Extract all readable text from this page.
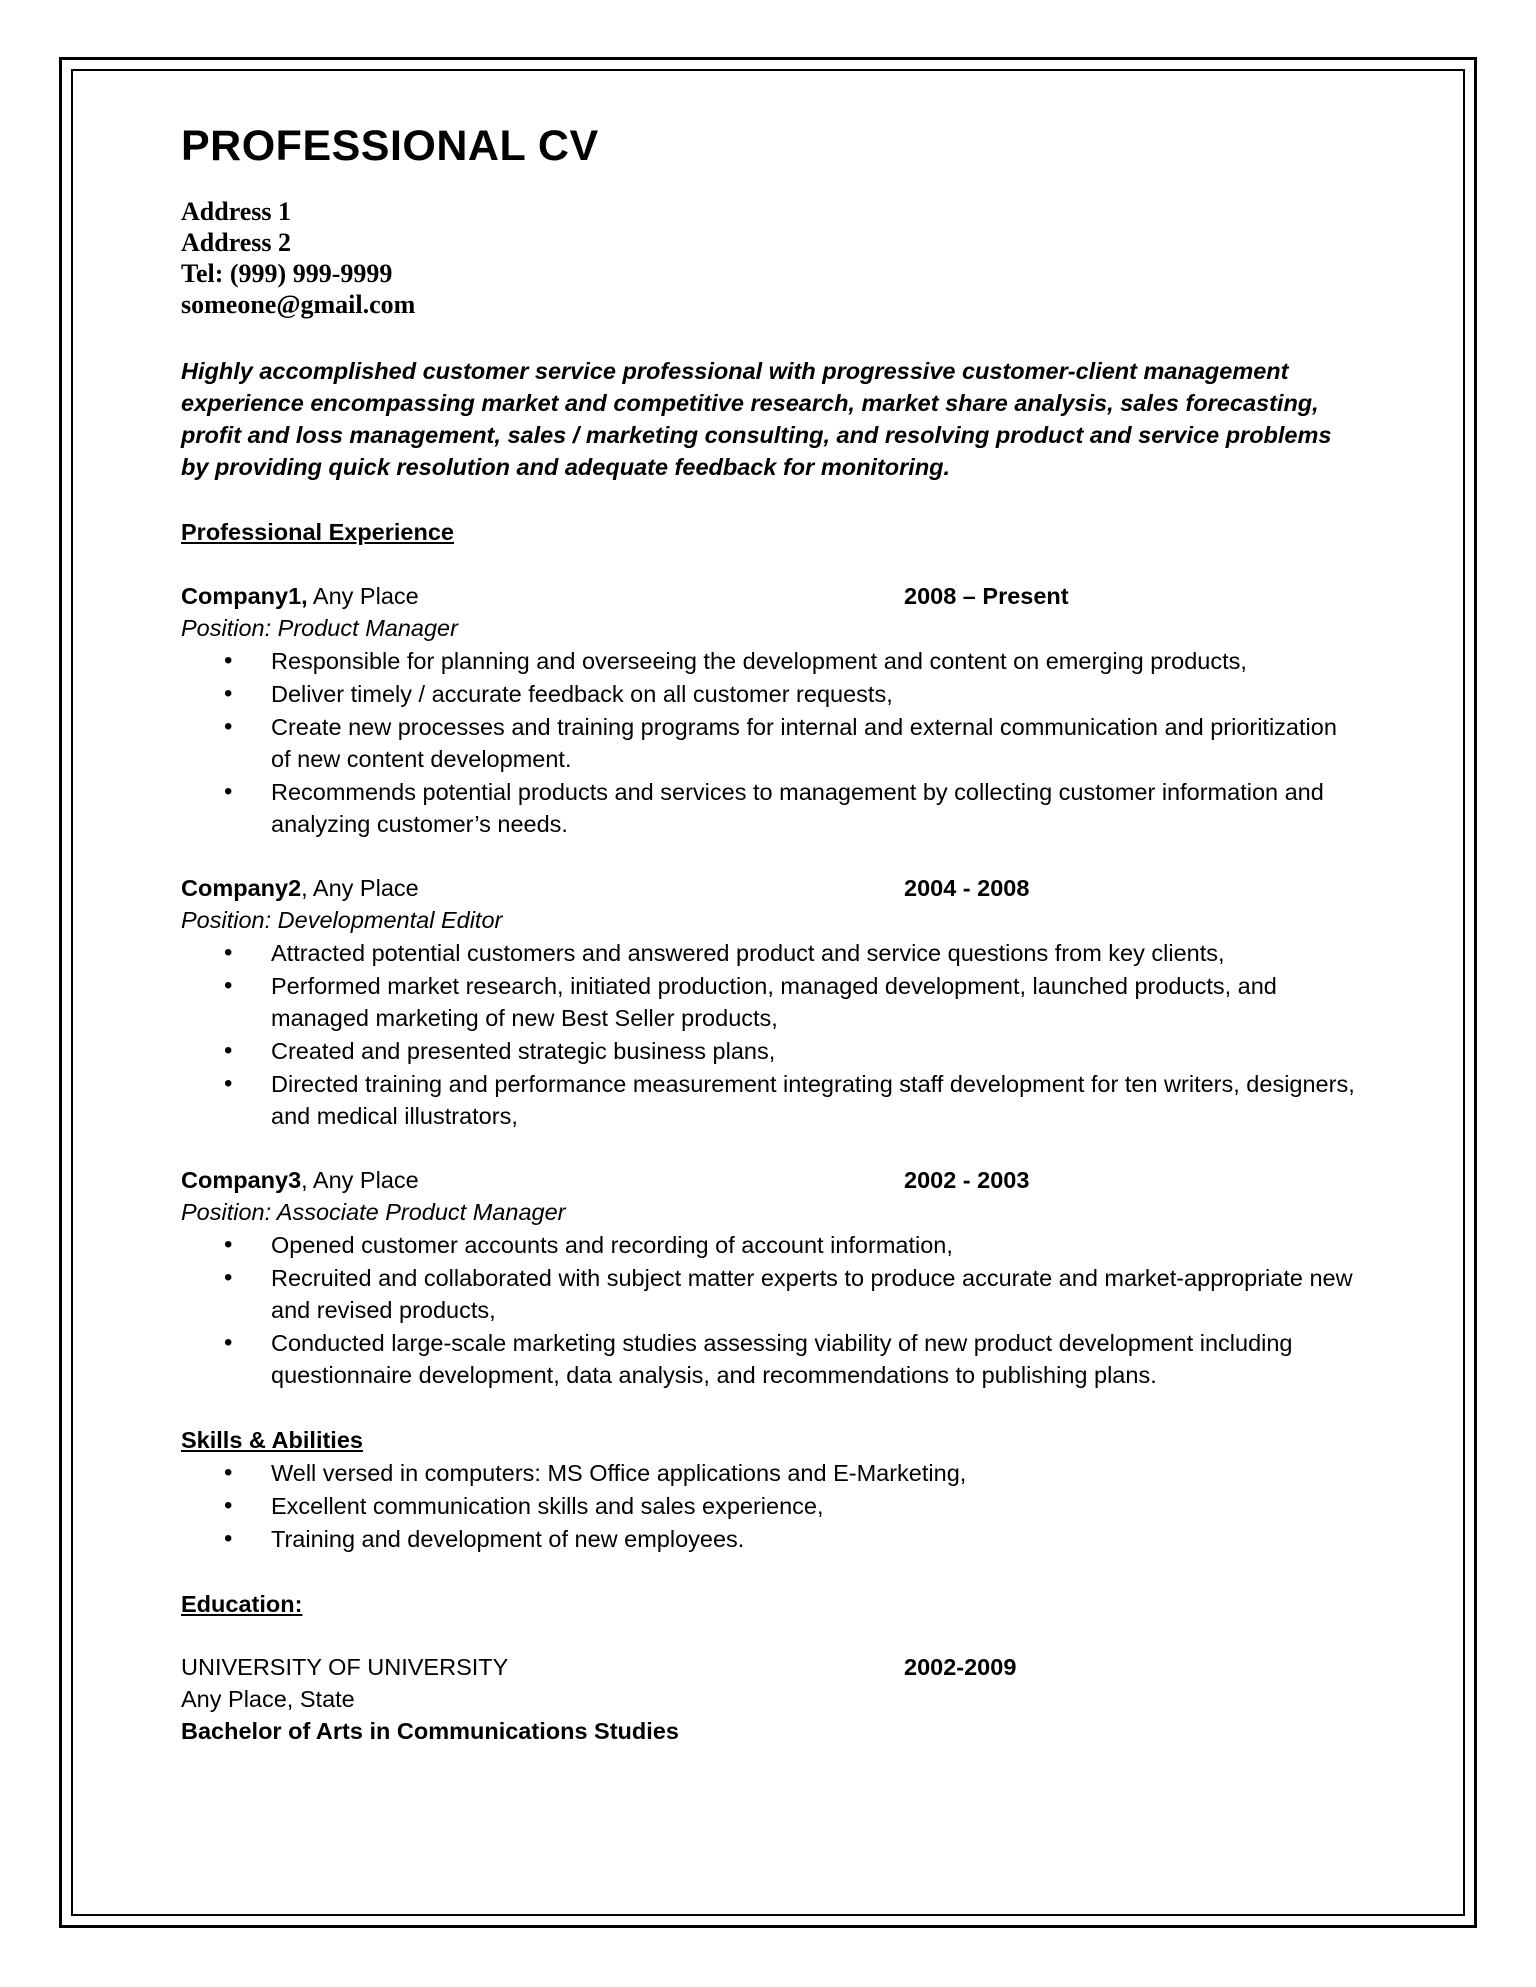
PROFESSIONAL CV
Address 1
Address 2
Tel: (999) 999-9999
someone@gmail.com
Highly accomplished customer service professional with progressive customer-client management experience encompassing market and competitive research, market share analysis, sales forecasting, profit and loss management, sales / marketing consulting, and resolving product and service problems by providing quick resolution and adequate feedback for monitoring.
Professional Experience
Company1, Any Place	2008 – Present
Position: Product Manager
• Responsible for planning and overseeing the development and content on emerging products,
• Deliver timely / accurate feedback on all customer requests,
• Create new processes and training programs for internal and external communication and prioritization of new content development.
• Recommends potential products and services to management by collecting customer information and analyzing customer’s needs.
Company2, Any Place	2004 - 2008
Position: Developmental Editor
• Attracted potential customers and answered product and service questions from key clients,
• Performed market research, initiated production, managed development, launched products, and managed marketing of new Best Seller products,
• Created and presented strategic business plans,
• Directed training and performance measurement integrating staff development for ten writers, designers, and medical illustrators,
Company3, Any Place	2002 - 2003
Position: Associate Product Manager
• Opened customer accounts and recording of account information,
• Recruited and collaborated with subject matter experts to produce accurate and market-appropriate new and revised products,
• Conducted large-scale marketing studies assessing viability of new product development including questionnaire development, data analysis, and recommendations to publishing plans.
Skills & Abilities
• Well versed in computers: MS Office applications and E-Marketing,
• Excellent communication skills and sales experience,
• Training and development of new employees.
Education:
UNIVERSITY OF UNIVERSITY	2002-2009
Any Place, State
Bachelor of Arts in Communications Studies
